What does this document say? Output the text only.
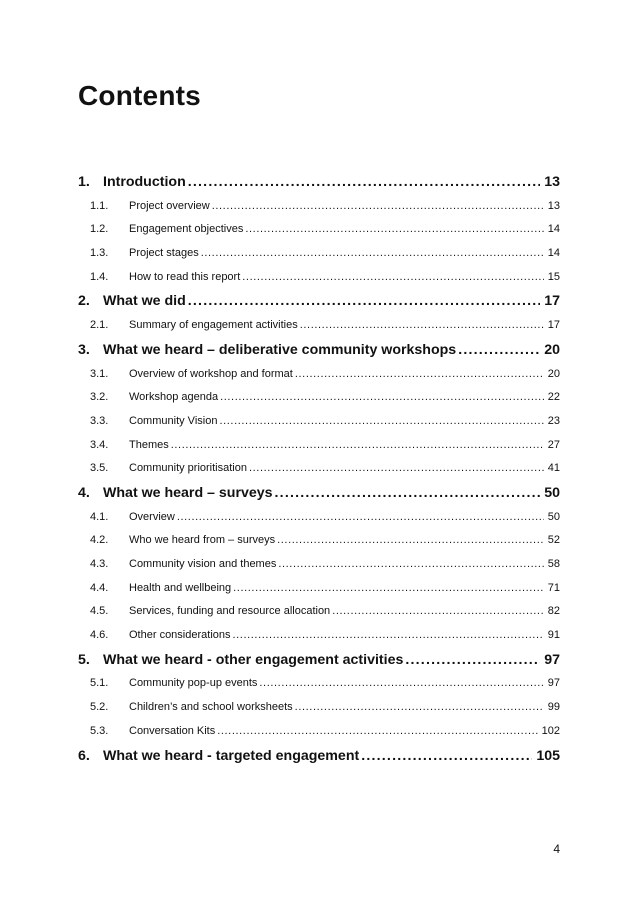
Contents
1. Introduction .....	13
1.1.	Project overview .....	13
1.2.	Engagement objectives .....	14
1.3.	Project stages .....	14
1.4.	How to read this report .....	15
2. What we did .....	17
2.1.	Summary of engagement activities .....	17
3. What we heard – deliberative community workshops .....	20
3.1.	Overview of workshop and format .....	20
3.2.	Workshop agenda .....	22
3.3.	Community Vision .....	23
3.4.	Themes .....	27
3.5.	Community prioritisation .....	41
4. What we heard – surveys .....	50
4.1.	Overview .....	50
4.2.	Who we heard from – surveys .....	52
4.3.	Community vision and themes .....	58
4.4.	Health and wellbeing .....	71
4.5.	Services, funding and resource allocation .....	82
4.6.	Other considerations .....	91
5. What we heard - other engagement activities .....	97
5.1.	Community pop-up events .....	97
5.2.	Children’s and school worksheets .....	99
5.3.	Conversation Kits .....	102
6. What we heard - targeted engagement .....	105
4
